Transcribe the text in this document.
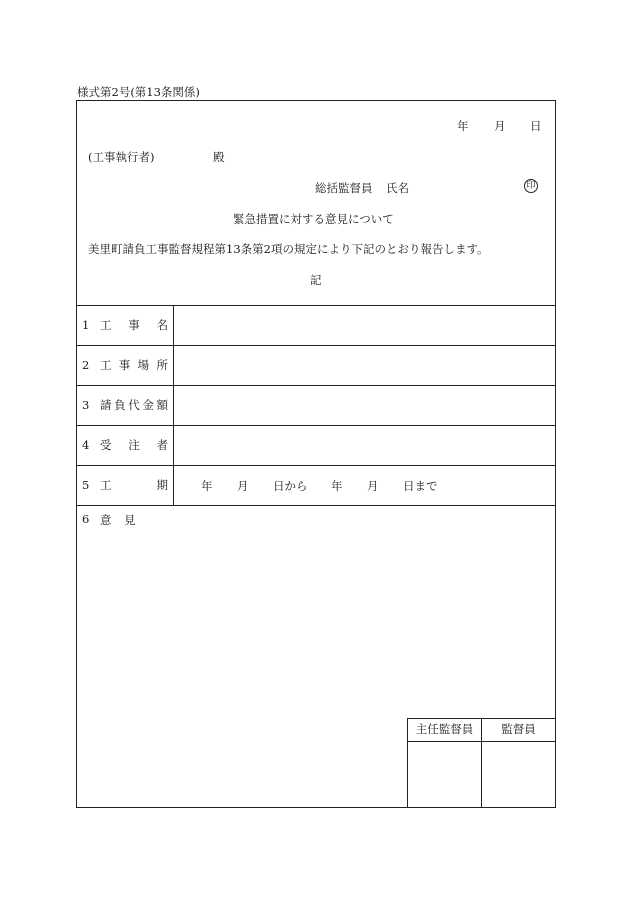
様式第2号(第13条関係)
年 月 日
(工事執行者)	殿
総括監督員 氏名	印
緊急措置に対する意見について
美里町請負工事監督規程第13条第2項の規定により下記のとおり報告します。
記
1 工 事 名
2 工 事 場 所
3 請 負 代 金 額
4 受 注 者
5 工	期	年 月 日から 年 月 日まで
6 意 見
主任監督員	監督員
